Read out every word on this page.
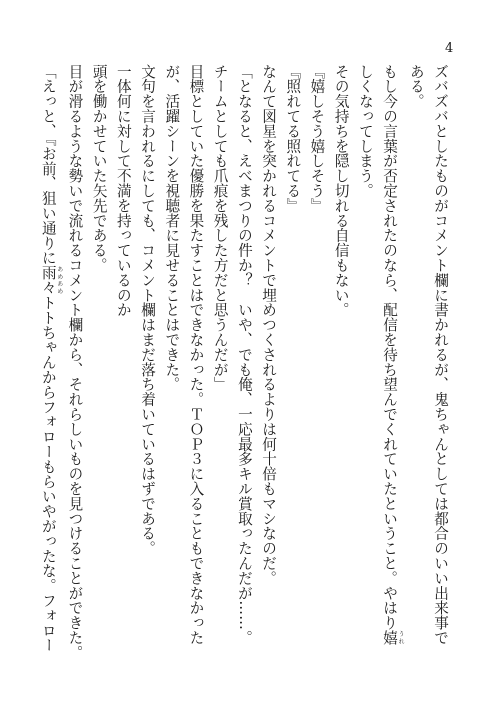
4
ズバズバとしたものがコメント欄に書かれるが、鬼ちゃんとしては都合のいい出来事で
ある。
もし今の言葉が否定されたのなら、配信を待ち望んでくれていたということ。やはり嬉 うれ
しくなってしまう。
その気持ちを隠し切れる自信もない。
『嬉しそう嬉しそう』
『照れてる照れてる』
なんて図星を突かれるコメントで埋めつくされるよりは何十倍もマシなのだ。
「となると、えべまつりの件か？　いや、でも俺、一応最多キル賞取ったんだが……。
チームとしても爪痕を残した方だと思うんだが」
目標としていた優勝を果たすことはできなかった。ＴＯＰ３に入ることもできなかった
が、活躍シーンを視聴者に見せることはできた。
文句を言われるにしても、コメント欄はまだ落ち着いているはずである。
一体何に対して不満を持っているのか
頭を働かせていた矢先である。
目が滑るような勢いで流れるコメント欄から、それらしいものを見つけることができた。
「えっと、『お前、狙い通りに雨々 あめあめトトちゃんからフォローもらいやがったな。フォロー
